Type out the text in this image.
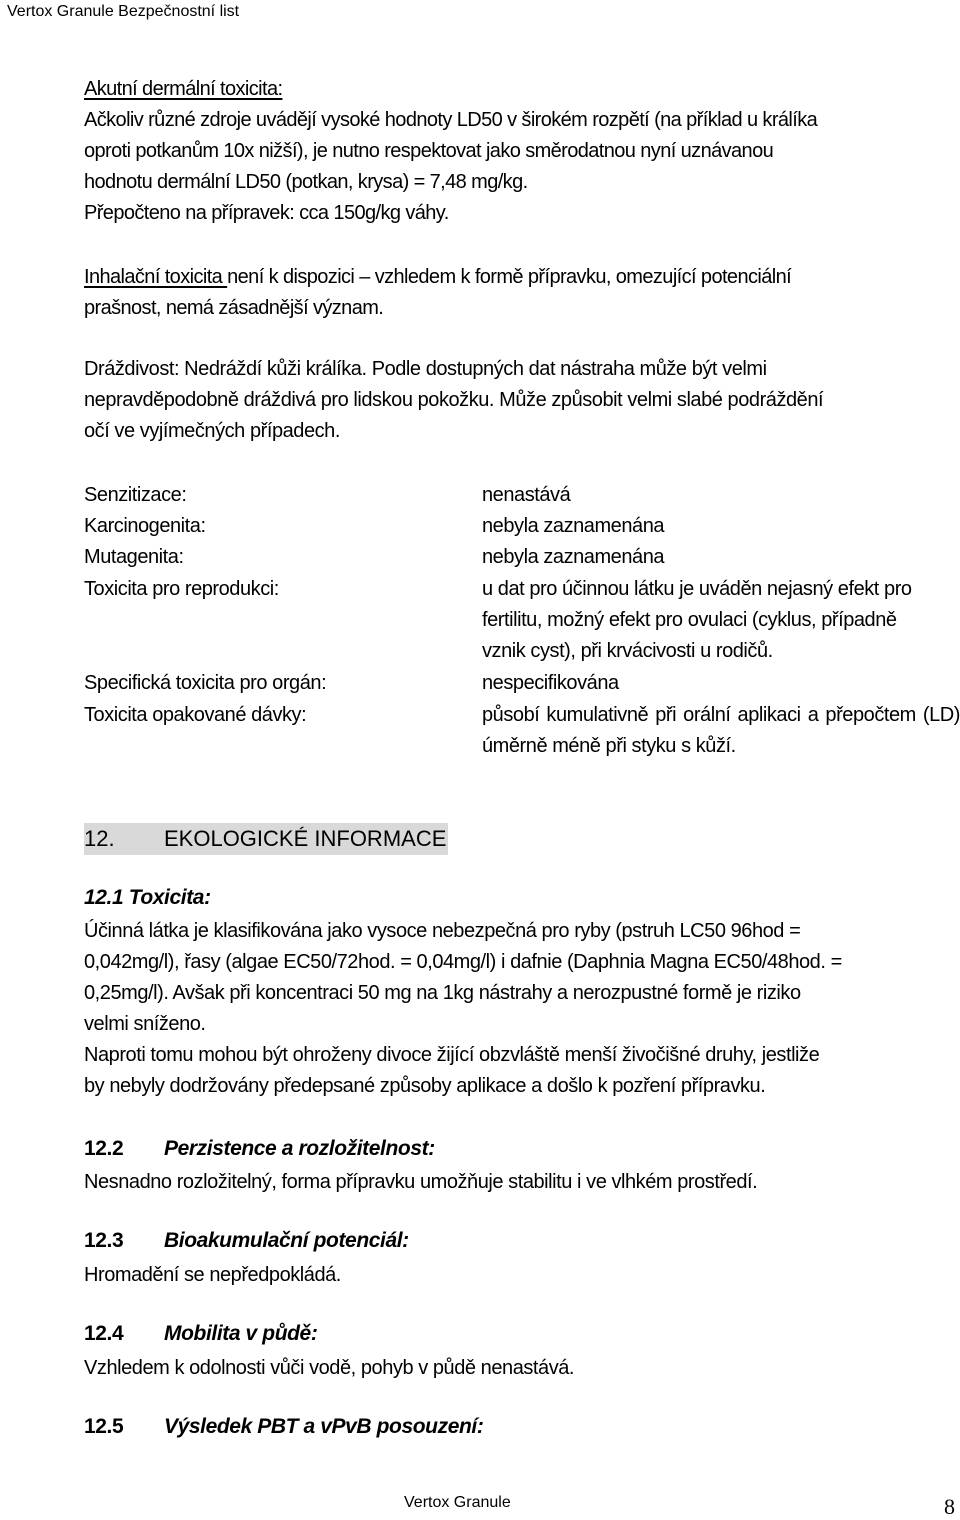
Vertox Granule Bezpečnostní list

Akutní dermální toxicita:

Ačkoliv různé zdroje uvádějí vysoké hodnoty LD50 v širokém rozpětí (na příklad u králíka

oproti potkanům 10x nižší), je nutno respektovat jako směrodatnou nyní uznávanou

hodnotu dermální LD50 (potkan, krysa) = 7,48 mg/kg.

Přepočteno na přípravek: cca 150g/kg váhy.

Inhalační toxicita není k dispozici – vzhledem k formě přípravku, omezující potenciální

prašnost, nemá zásadnější význam.

Dráždivost: Nedráždí kůži králíka. Podle dostupných dat nástraha může být velmi

nepravděpodobně dráždivá pro lidskou pokožku. Může způsobit velmi slabé podráždění

očí ve vyjímečných případech.

Senzitizace:	nenastává
Karcinogenita:	nebyla zaznamenána
Mutagenita:	nebyla zaznamenána
Toxicita pro reprodukci:	u dat pro účinnou látku je uváděn nejasný efekt pro fertilitu, možný efekt pro ovulaci (cyklus, případně vznik cyst), při krvácivosti u rodičů.
Specifická toxicita pro orgán:	nespecifikována
Toxicita opakované dávky:	působí kumulativně při orální aplikaci a přepočtem (LD) úměrně méně při styku s kůží.
12.	EKOLOGICKÉ INFORMACE
12.1 Toxicita:

Účinná látka je klasifikována jako vysoce nebezpečná pro ryby (pstruh LC50 96hod =

0,042mg/l), řasy (algae EC50/72hod. = 0,04mg/l) i dafnie (Daphnia Magna EC50/48hod. =

0,25mg/l). Avšak při koncentraci 50 mg na 1kg nástrahy a nerozpustné formě je riziko

velmi sníženo.

Naproti tomu mohou být ohroženy divoce žijící obzvláště menší živočišné druhy, jestliže

by nebyly dodržovány předepsané způsoby aplikace a došlo k pozření přípravku.

12.2 Perzistence a rozložitelnost:
Nesnadno rozložitelný, forma přípravku umožňuje stabilitu i ve vlhkém prostředí.
12.3 Bioakumulační potenciál:
Hromadění se nepředpokládá.
12.4 Mobilita v půdě:
Vzhledem k odolnosti vůči vodě, pohyb v půdě nenastává.
12.5 Výsledek PBT a vPvB posouzení:
Vertox Granule	8
